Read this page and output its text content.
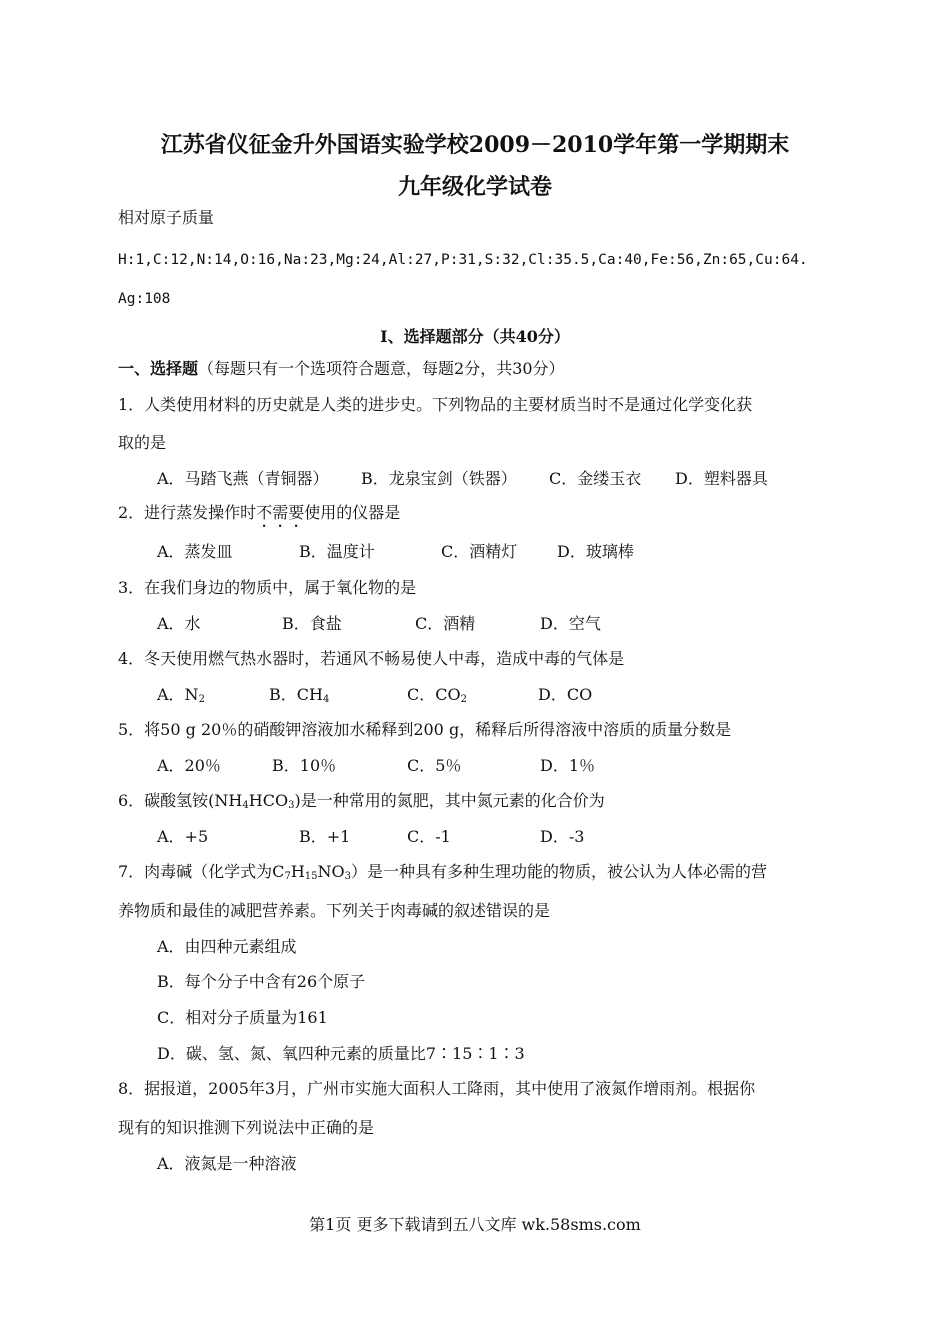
江苏省仪征金升外国语实验学校2009－2010学年第一学期期末
九年级化学试卷
相对原子质量
H:1,C:12,N:14,O:16,Na:23,Mg:24,Al:27,P:31,S:32,Cl:35.5,Ca:40,Fe:56,Zn:65,Cu:64.
Ag:108
Ⅰ、选择题部分（共40分）
一、选择题（每题只有一个选项符合题意，每题2分，共30分）
1．人类使用材料的历史就是人类的进步史。下列物品的主要材质当时不是通过化学变化获
取的是
A．马踏飞燕（青铜器） B．龙泉宝剑（铁器） C．金缕玉衣 D．塑料器具
2．进行蒸发操作时不需要使用的仪器是
A．蒸发皿	B．温度计	C．酒精灯 D．玻璃棒
3．在我们身边的物质中，属于氧化物的是
A．水	B．食盐	C．酒精	D．空气
4．冬天使用燃气热水器时，若通风不畅易使人中毒，造成中毒的气体是
A．$N_2$	B．$CH_4$	C．$CO_2$	D．CO
5．将50 g 20％的硝酸钾溶液加水稀释到200 g，稀释后所得溶液中溶质的质量分数是
A．20％	B．10％	C．5％	D．1％
6．碳酸氢铵$(NH_4HCO_3)$是一种常用的氮肥，其中氮元素的化合价为
A．+5	B．+1	C．-1	D．-3
7．肉毒碱（化学式为$C_7H_{15}NO_3$）是一种具有多种生理功能的物质，被公认为人体必需的营
养物质和最佳的减肥营养素。下列关于肉毒碱的叙述错误的是
A．由四种元素组成
B．每个分子中含有26个原子
C．相对分子质量为161
D．碳、氢、氮、氧四种元素的质量比7∶15∶1∶3
8．据报道，2005年3月，广州市实施大面积人工降雨，其中使用了液氮作增雨剂。根据你
现有的知识推测下列说法中正确的是
A．液氮是一种溶液
第1页 更多下载请到五八文库 wk.58sms.com
